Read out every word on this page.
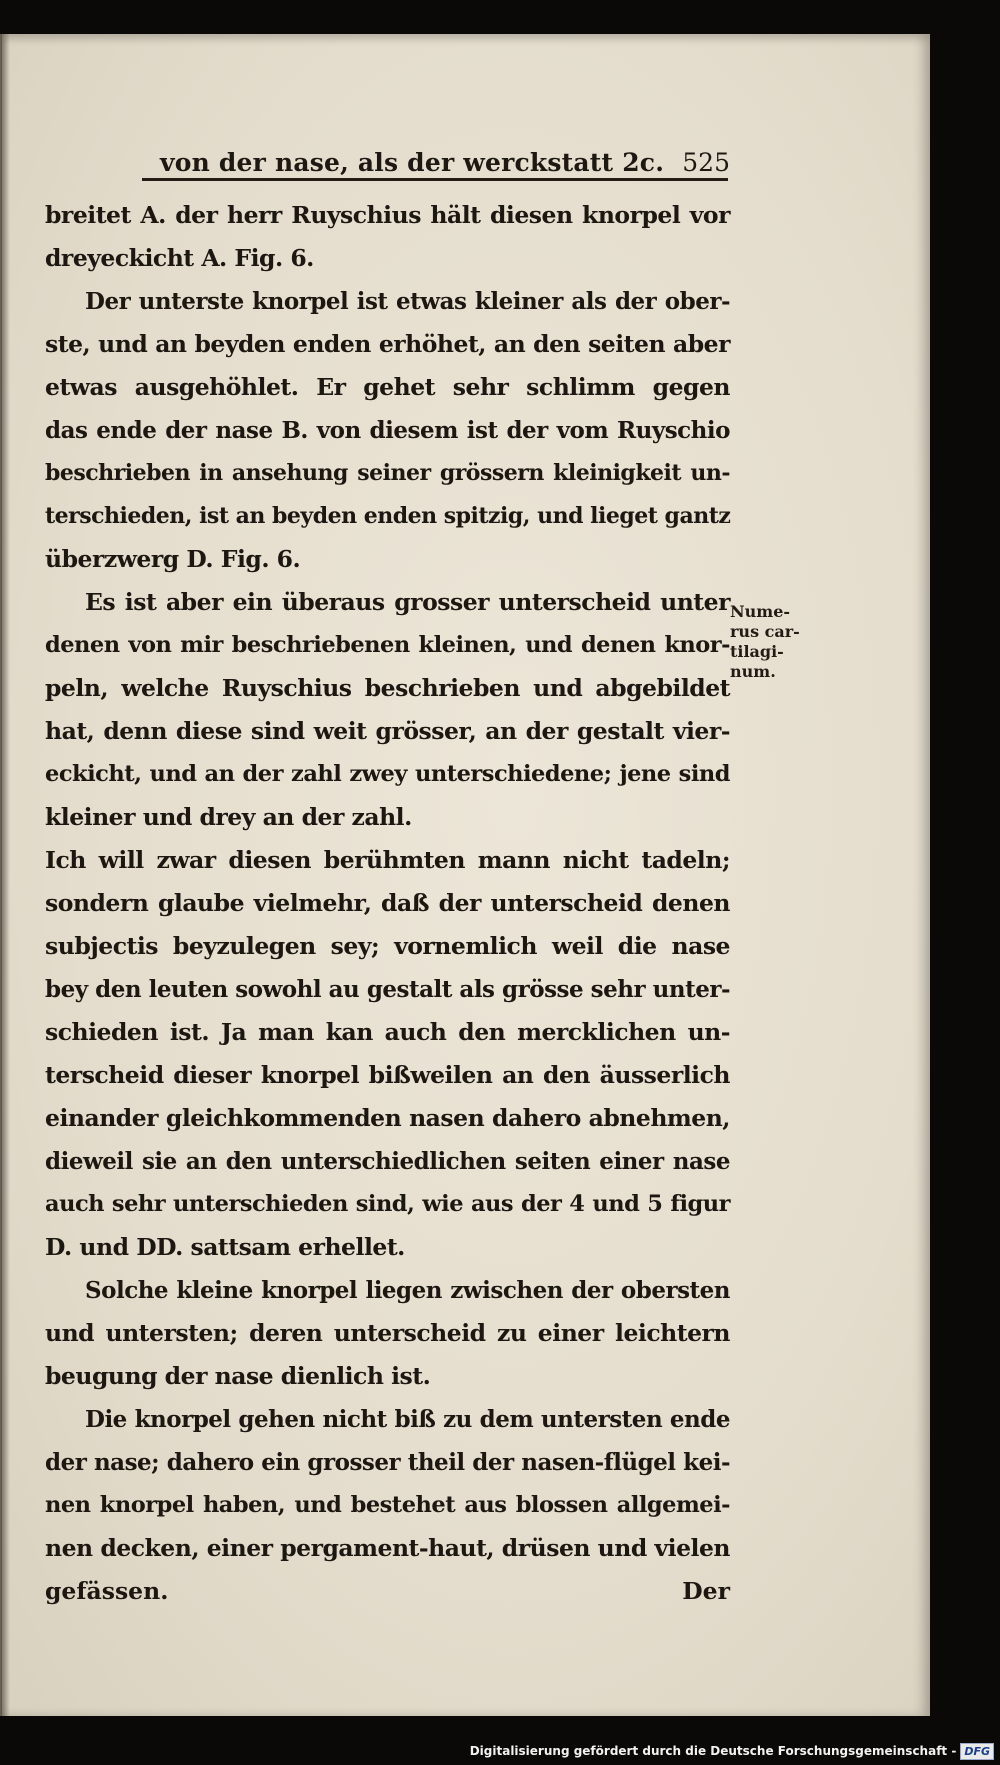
von der nase, als der werckstatt 2c. 525
breitet A. der herr Ruyschius hält diesen knorpel vor
dreyeckicht A. Fig. 6.
Der unterste knorpel ist etwas kleiner als der ober-
ste, und an beyden enden erhöhet, an den seiten aber
etwas ausgehöhlet. Er gehet sehr schlimm gegen
das ende der nase B. von diesem ist der vom Ruyschio
beschrieben in ansehung seiner grössern kleinigkeit un-
terschieden, ist an beyden enden spitzig, und lieget gantz
überzwerg D. Fig. 6.
Es ist aber ein überaus grosser unterscheid unter
denen von mir beschriebenen kleinen, und denen knor-
peln, welche Ruyschius beschrieben und abgebildet
hat, denn diese sind weit grösser, an der gestalt vier-
eckicht, und an der zahl zwey unterschiedene; jene sind
kleiner und drey an der zahl.
Ich will zwar diesen berühmten mann nicht tadeln;
sondern glaube vielmehr, daß der unterscheid denen
subjectis beyzulegen sey; vornemlich weil die nase
bey den leuten sowohl au gestalt als grösse sehr unter-
schieden ist. Ja man kan auch den mercklichen un-
terscheid dieser knorpel bißweilen an den äusserlich
einander gleichkommenden nasen dahero abnehmen,
dieweil sie an den unterschiedlichen seiten einer nase
auch sehr unterschieden sind, wie aus der 4 und 5 figur
D. und DD. sattsam erhellet.
Solche kleine knorpel liegen zwischen der obersten
und untersten; deren unterscheid zu einer leichtern
beugung der nase dienlich ist.
Die knorpel gehen nicht biß zu dem untersten ende
der nase; dahero ein grosser theil der nasen-flügel kei-
nen knorpel haben, und bestehet aus blossen allgemei-
nen decken, einer pergament-haut, drüsen und vielen
gefässen.	Der
Nume-
rus car-
tilagi-
num.
Digitalisierung gefördert durch die Deutsche Forschungsgemeinschaft - DFG
